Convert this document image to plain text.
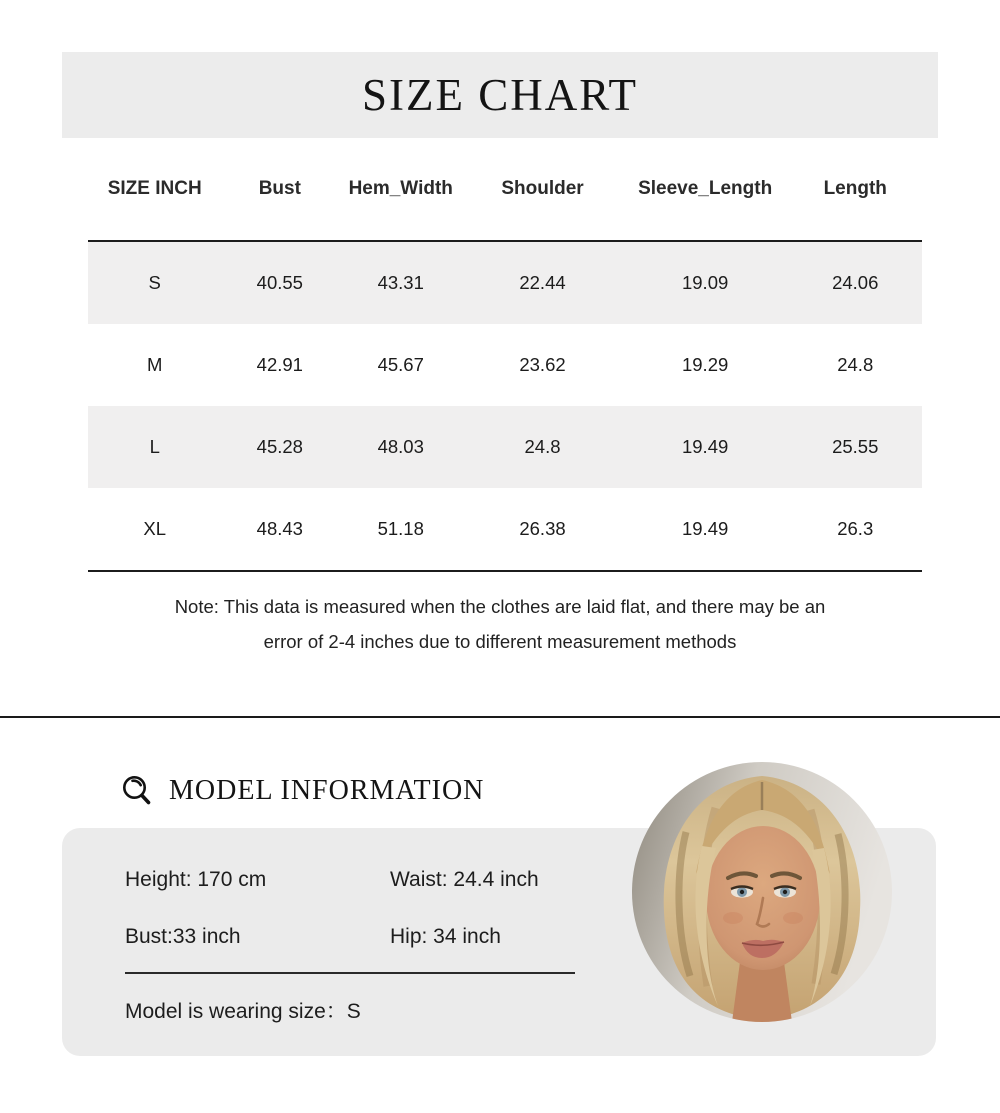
SIZE CHART
SIZE INCH	Bust	Hem_Width	Shoulder	Sleeve_Length	Length
S	40.55	43.31	22.44	19.09	24.06
M	42.91	45.67	23.62	19.29	24.8
L	45.28	48.03	24.8	19.49	25.55
XL	48.43	51.18	26.38	19.49	26.3

Note: This data is measured when the clothes are laid flat, and there may be an
error of 2-4 inches due to different measurement methods

MODEL INFORMATION
Height: 170 cm	Waist: 24.4 inch
Bust:33 inch	Hip: 34 inch
Model is wearing size：S
